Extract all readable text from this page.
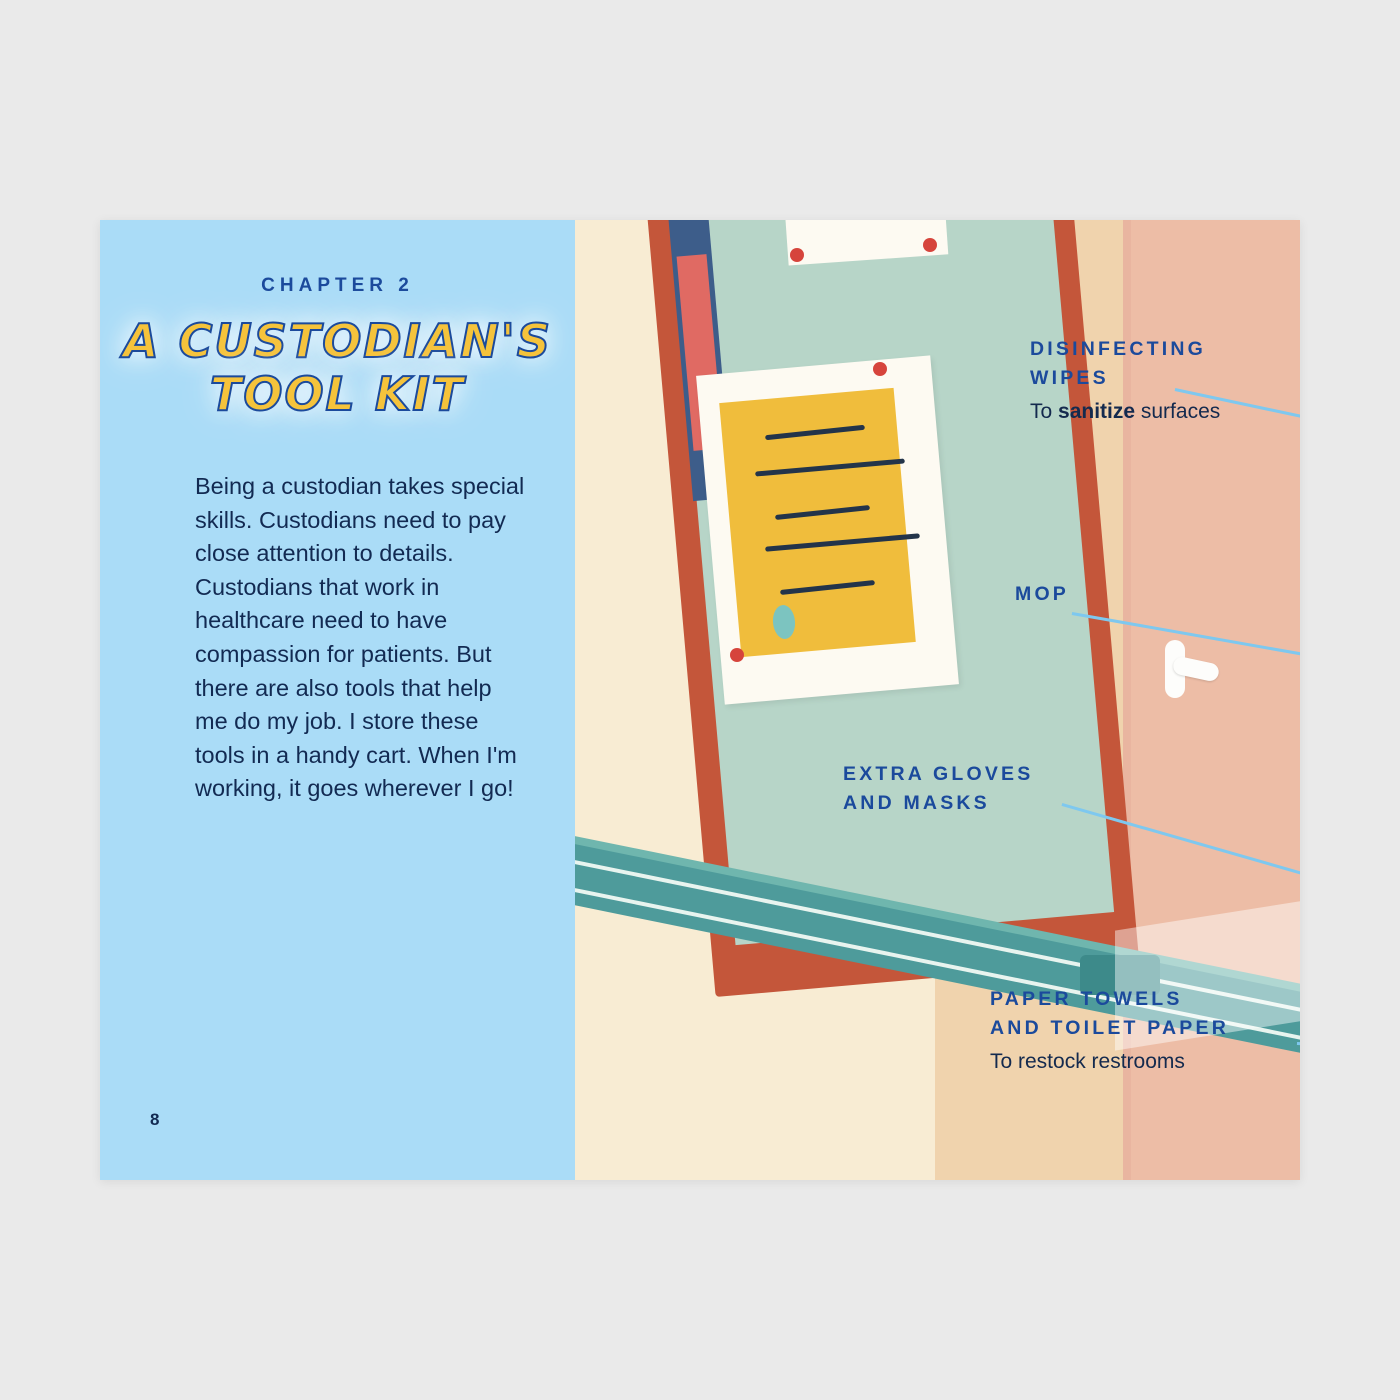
CHAPTER 2
A CUSTODIAN'S
TOOL KIT
Being a custodian takes special skills. Custodians need to pay close attention to details. Custodians that work in healthcare need to have compassion for patients. But there are also tools that help me do my job. I store these tools in a handy cart. When I'm working, it goes wherever I go!
8
DISINFECTING
WIPES
To sanitize surfaces
MOP
EXTRA GLOVES
AND MASKS
PAPER TOWELS
AND TOILET PAPER
To restock restrooms
